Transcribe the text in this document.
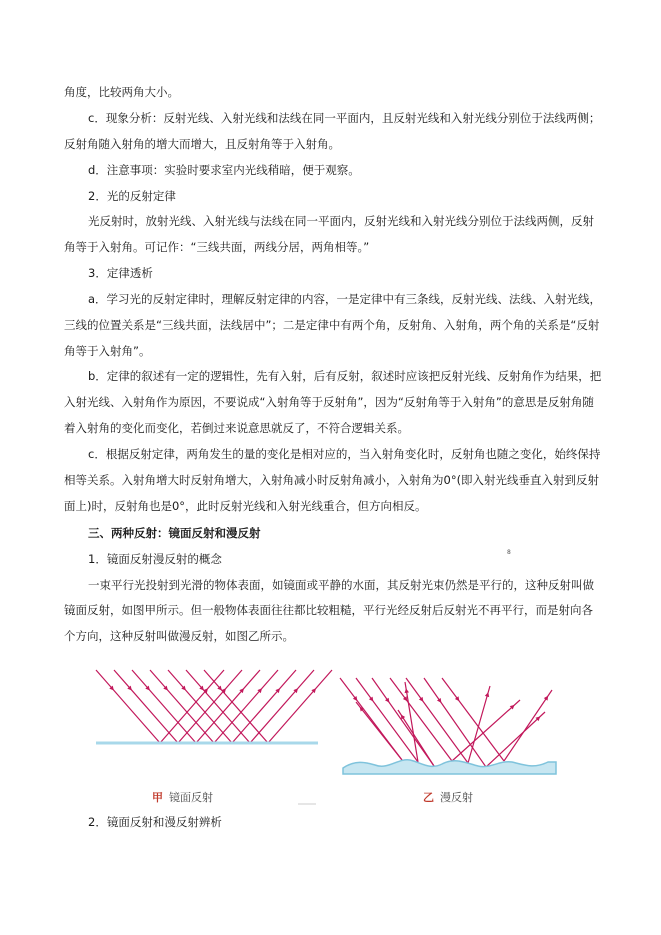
角度，比较两角大小。

c．现象分析：反射光线、入射光线和法线在同一平面内，且反射光线和入射光线分别位于法线两侧；

反射角随入射角的增大而增大，且反射角等于入射角。

d．注意事项：实验时要求室内光线稍暗，便于观察。

2．光的反射定律

光反射时，放射光线、入射光线与法线在同一平面内，反射光线和入射光线分别位于法线两侧，反射

角等于入射角。可记作：“三线共面，两线分居，两角相等。”

3．定律透析

a．学习光的反射定律时，理解反射定律的内容，一是定律中有三条线，反射光线、法线、入射光线，

三线的位置关系是“三线共面，法线居中”；二是定律中有两个角，反射角、入射角，两个角的关系是“反射

角等于入射角”。

b．定律的叙述有一定的逻辑性，先有入射，后有反射，叙述时应该把反射光线、反射角作为结果，把

入射光线、入射角作为原因，不要说成“入射角等于反射角”，因为“反射角等于入射角”的意思是反射角随

着入射角的变化而变化，若倒过来说意思就反了，不符合逻辑关系。

c．根据反射定律，两角发生的量的变化是相对应的，当入射角变化时，反射角也随之变化，始终保持

相等关系。入射角增大时反射角增大，入射角减小时反射角减小，入射角为0°(即入射光线垂直入射到反射

面上)时，反射角也是0°，此时反射光线和入射光线重合，但方向相反。

三、两种反射：镜面反射和漫反射

1．镜面反射漫反射的概念

一束平行光投射到光滑的物体表面，如镜面或平静的水面，其反射光束仍然是平行的，这种反射叫做

镜面反射，如图甲所示。但一般物体表面往往都比较粗糙，平行光经反射后反射光不再平行，而是射向各

个方向，这种反射叫做漫反射，如图乙所示。

8
甲 镜面反射	乙 漫反射

2．镜面反射和漫反射辨析
